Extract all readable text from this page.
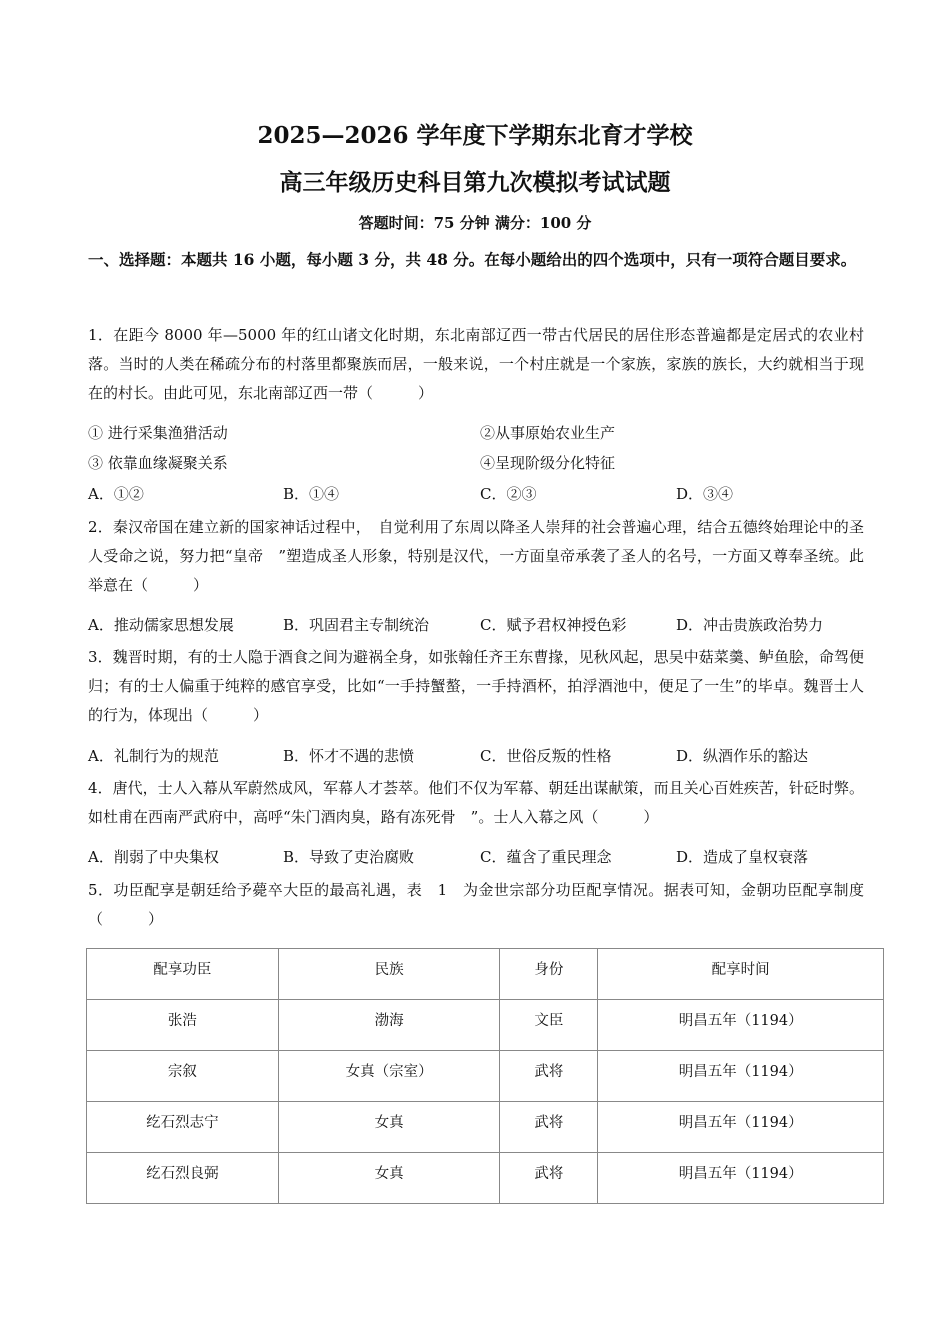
2025—2026 学年度下学期东北育才学校
高三年级历史科目第九次模拟考试试题
答题时间：75 分钟 满分：100 分
一、选择题：本题共 16 小题，每小题 3 分，共 48 分。在每小题给出的四个选项中，只有一项符合题目要求。
1．在距今 8000 年—5000 年的红山诸文化时期，东北南部辽西一带古代居民的居住形态普遍都是定居式的农业村落。当时的人类在稀疏分布的村落里都聚族而居，一般来说，一个村庄就是一个家族，家族的族长，大约就相当于现在的村长。由此可见，东北南部辽西一带（　　　）
① 进行采集渔猎活动	②从事原始农业生产
③ 依靠血缘凝聚关系	④呈现阶级分化特征
A．①②	B．①④	C．②③	D．③④
2．秦汉帝国在建立新的国家神话过程中，　自觉利用了东周以降圣人崇拜的社会普遍心理，结合五德终始理论中的圣人受命之说，努力把“皇帝　”塑造成圣人形象，特别是汉代，一方面皇帝承袭了圣人的名号，一方面又尊奉圣统。此举意在（　　　）
A．推动儒家思想发展	B．巩固君主专制统治	C．赋予君权神授色彩	D．冲击贵族政治势力
3．魏晋时期，有的士人隐于酒食之间为避祸全身，如张翰任齐王东曹掾，见秋风起，思吴中菇菜羹、鲈鱼脍，命驾便归；有的士人偏重于纯粹的感官享受，比如“一手持蟹螯，一手持酒杯，拍浮酒池中，便足了一生”的毕卓。魏晋士人的行为，体现出（　　　）
A．礼制行为的规范	B．怀才不遇的悲愤	C．世俗反叛的性格	D．纵酒作乐的豁达
4．唐代，士人入幕从军蔚然成风，军幕人才荟萃。他们不仅为军幕、朝廷出谋献策，而且关心百姓疾苦，针砭时弊。如杜甫在西南严武府中，高呼“朱门酒肉臭，路有冻死骨　”。士人入幕之风（　　　）
A．削弱了中央集权	B．导致了吏治腐败	C．蕴含了重民理念	D．造成了皇权衰落
5．功臣配享是朝廷给予薨卒大臣的最高礼遇，表　1　为金世宗部分功臣配享情况。据表可知，金朝功臣配享制度（　　　）
配享功臣	民族	身份	配享时间
张浩	渤海	文臣	明昌五年（1194）
宗叙	女真（宗室）	武将	明昌五年（1194）
纥石烈志宁	女真	武将	明昌五年（1194）
纥石烈良弼	女真	武将	明昌五年（1194）
